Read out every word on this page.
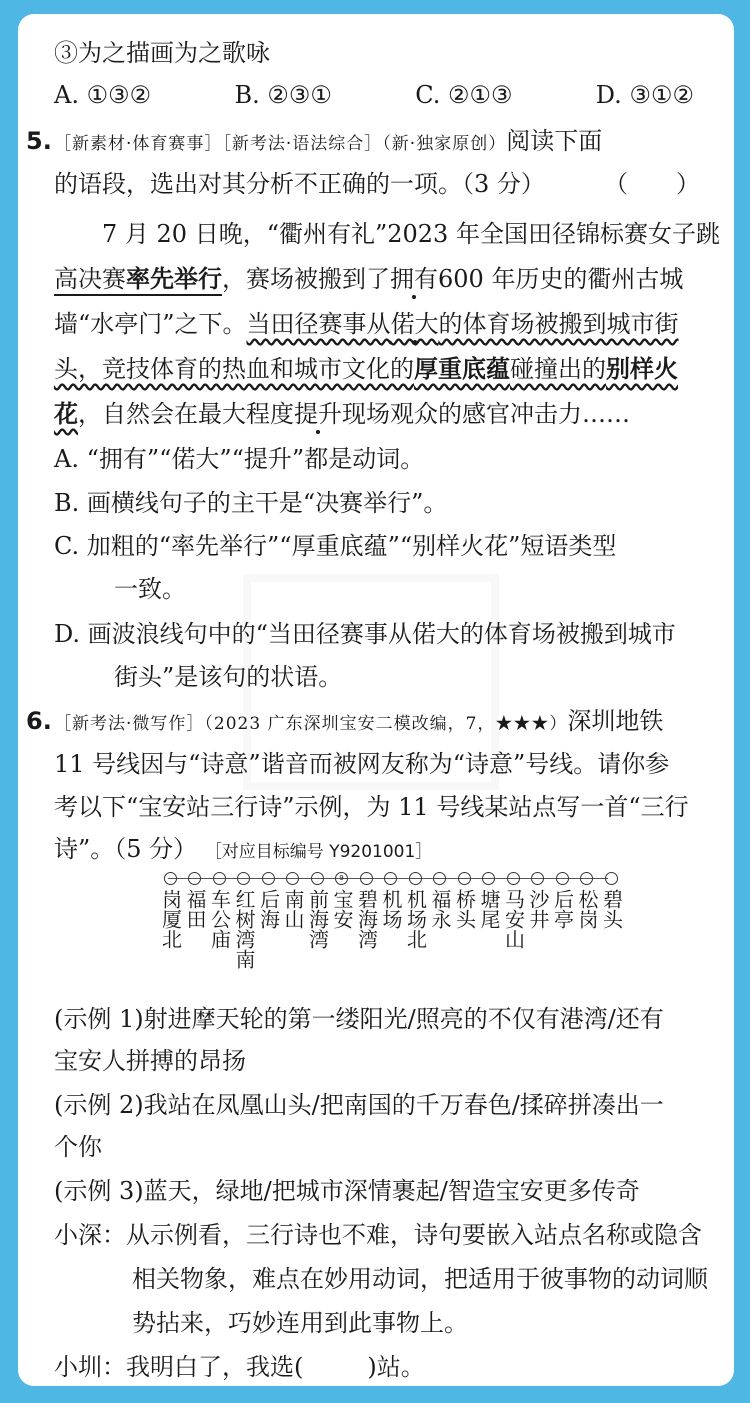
③为之描画为之歌咏
A. ①③②	B. ②③①	C. ②①③	D. ③①②
5. ［新素材·体育赛事］［新考法·语法综合］（新·独家原创）阅读下面
的语段，选出对其分析不正确的一项。（3 分） （　　）
7 月 20 日晚，“衢州有礼”2023 年全国田径锦标赛女子跳
高决赛率先举行，赛场被搬到了拥有600 年历史的衢州古城
墙“水亭门”之下。当田径赛事从偌大的体育场被搬到城市街
头，竞技体育的热血和城市文化的厚重底蕴碰撞出的别样火
花，自然会在最大程度提升现场观众的感官冲击力……
A. “拥有”“偌大”“提升”都是动词。
B. 画横线句子的主干是“决赛举行”。
C. 加粗的“率先举行”“厚重底蕴”“别样火花”短语类型
一致。
D. 画波浪线句中的“当田径赛事从偌大的体育场被搬到城市
街头”是该句的状语。
6. ［新考法·微写作］（2023 广东深圳宝安二模改编，7，★★★）深圳地铁
11 号线因与“诗意”谐音而被网友称为“诗意”号线。请你参
考以下“宝安站三行诗”示例，为 11 号线某站点写一首“三行
诗”。（5 分） ［对应目标编号 Y9201001］
岗厦北 福田 车公庙 红树湾南 后海 南山 前海湾
9
宝安 碧海湾 机场 机场北 福永 桥头 塘尾 马安山 沙井 后亭 松岗 碧头
(示例 1)射进摩天轮的第一缕阳光/照亮的不仅有港湾/还有
宝安人拼搏的昂扬
(示例 2)我站在凤凰山头/把南国的千万春色/揉碎拼凑出一
个你
(示例 3)蓝天，绿地/把城市深情裹起/智造宝安更多传奇
小深：从示例看，三行诗也不难，诗句要嵌入站点名称或隐含
相关物象，难点在妙用动词，把适用于彼事物的动词顺
势拈来，巧妙连用到此事物上。
小圳：我明白了，我选(	)站。
